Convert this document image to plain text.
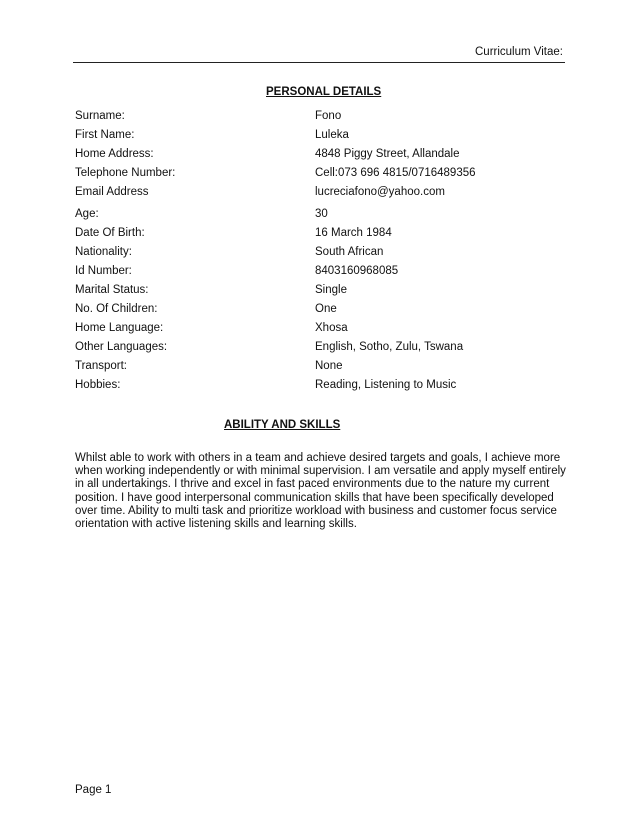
Curriculum Vitae:
PERSONAL DETAILS
Surname:	Fono
First Name:	Luleka
Home Address:	4848 Piggy Street, Allandale
Telephone Number:	Cell:073 696 4815/0716489356
Email Address	lucreciafono@yahoo.com
Age:	30
Date Of Birth:	16 March 1984
Nationality:	South African
Id Number:	8403160968085
Marital Status:	Single
No. Of Children:	One
Home Language:	Xhosa
Other Languages:	English, Sotho, Zulu, Tswana
Transport:	None
Hobbies:	Reading, Listening to Music
ABILITY AND SKILLS

Whilst able to work with others in a team and achieve desired targets and goals, I achieve more when working independently or with minimal supervision. I am versatile and apply myself entirely in all undertakings. I thrive and excel in fast paced environments due to the nature my current position. I have good interpersonal communication skills that have been specifically developed over time. Ability to multi task and prioritize workload with business and customer focus service orientation with active listening skills and learning skills.

Page 1
